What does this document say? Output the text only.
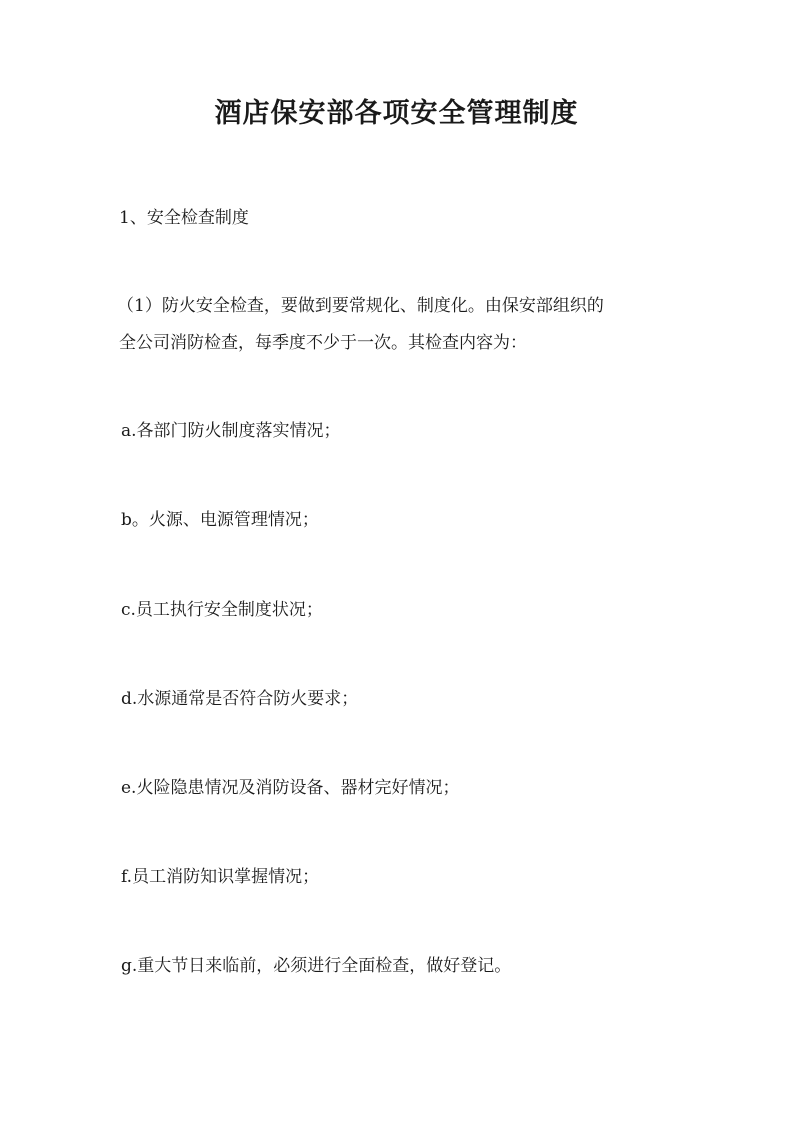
酒店保安部各项安全管理制度

1、安全检查制度

（1）防火安全检查，要做到要常规化、制度化。由保安部组织的

全公司消防检查，每季度不少于一次。其检查内容为：

a.各部门防火制度落实情况；

b。火源、电源管理情况；

c.员工执行安全制度状况；

d.水源通常是否符合防火要求；

e.火险隐患情况及消防设备、器材完好情况；

f.员工消防知识掌握情况；

g.重大节日来临前，必须进行全面检查，做好登记。
